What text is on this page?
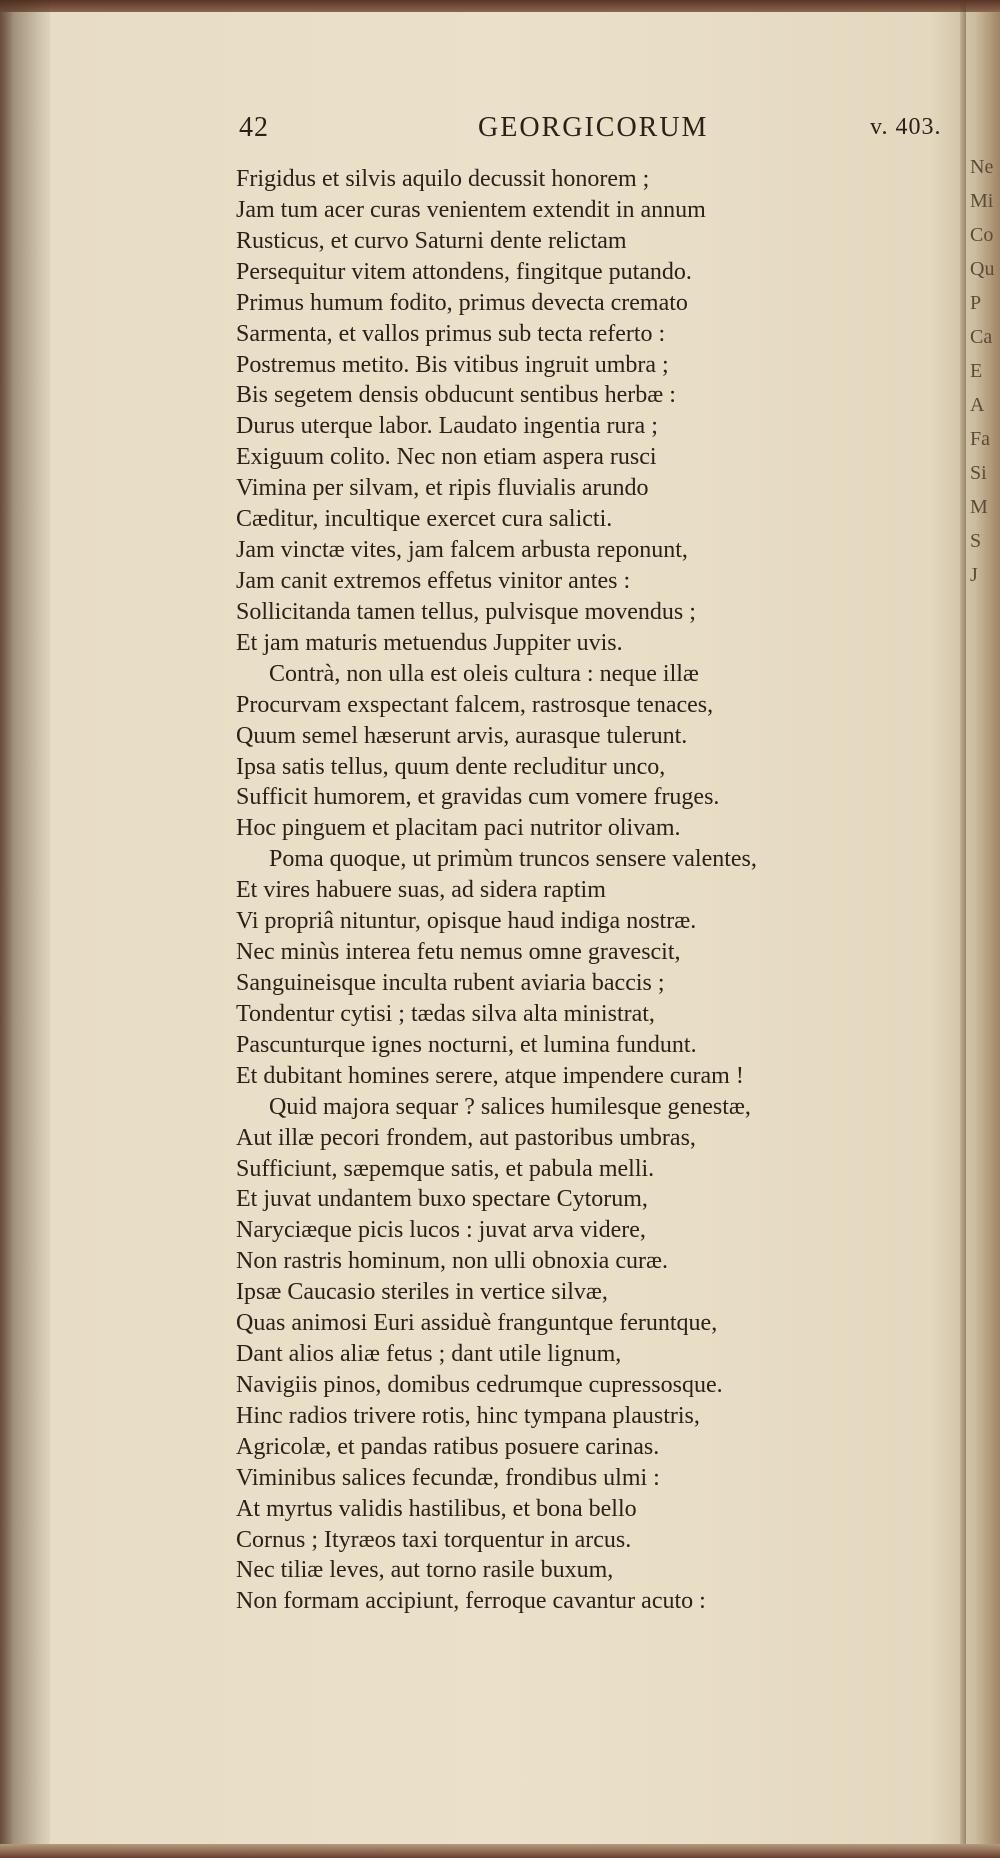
Ne
Mi
Co
Qu
P
Ca
E
A
Fa
Si
M
S
J
42	GEORGICORUM	v. 403.
Frigidus et silvis aquilo decussit honorem ;
Jam tum acer curas venientem extendit in annum
Rusticus, et curvo Saturni dente relictam
Persequitur vitem attondens, fingitque putando.
Primus humum fodito, primus devecta cremato
Sarmenta, et vallos primus sub tecta referto :
Postremus metito. Bis vitibus ingruit umbra ;
Bis segetem densis obducunt sentibus herbæ :
Durus uterque labor. Laudato ingentia rura ;
Exiguum colito. Nec non etiam aspera rusci
Vimina per silvam, et ripis fluvialis arundo
Cæditur, incultique exercet cura salicti.
Jam vinctæ vites, jam falcem arbusta reponunt,
Jam canit extremos effetus vinitor antes :
Sollicitanda tamen tellus, pulvisque movendus ;
Et jam maturis metuendus Juppiter uvis.
Contrà, non ulla est oleis cultura : neque illæ
Procurvam exspectant falcem, rastrosque tenaces,
Quum semel hæserunt arvis, aurasque tulerunt.
Ipsa satis tellus, quum dente recluditur unco,
Sufficit humorem, et gravidas cum vomere fruges.
Hoc pinguem et placitam paci nutritor olivam.
Poma quoque, ut primùm truncos sensere valentes,
Et vires habuere suas, ad sidera raptim
Vi propriâ nituntur, opisque haud indiga nostræ.
Nec minùs interea fetu nemus omne gravescit,
Sanguineisque inculta rubent aviaria baccis ;
Tondentur cytisi ; tædas silva alta ministrat,
Pascunturque ignes nocturni, et lumina fundunt.
Et dubitant homines serere, atque impendere curam !
Quid majora sequar ? salices humilesque genestæ,
Aut illæ pecori frondem, aut pastoribus umbras,
Sufficiunt, sæpemque satis, et pabula melli.
Et juvat undantem buxo spectare Cytorum,
Naryciæque picis lucos : juvat arva videre,
Non rastris hominum, non ulli obnoxia curæ.
Ipsæ Caucasio steriles in vertice silvæ,
Quas animosi Euri assiduè franguntque feruntque,
Dant alios aliæ fetus ; dant utile lignum,
Navigiis pinos, domibus cedrumque cupressosque.
Hinc radios trivere rotis, hinc tympana plaustris,
Agricolæ, et pandas ratibus posuere carinas.
Viminibus salices fecundæ, frondibus ulmi :
At myrtus validis hastilibus, et bona bello
Cornus ; Ityræos taxi torquentur in arcus.
Nec tiliæ leves, aut torno rasile buxum,
Non formam accipiunt, ferroque cavantur acuto :
